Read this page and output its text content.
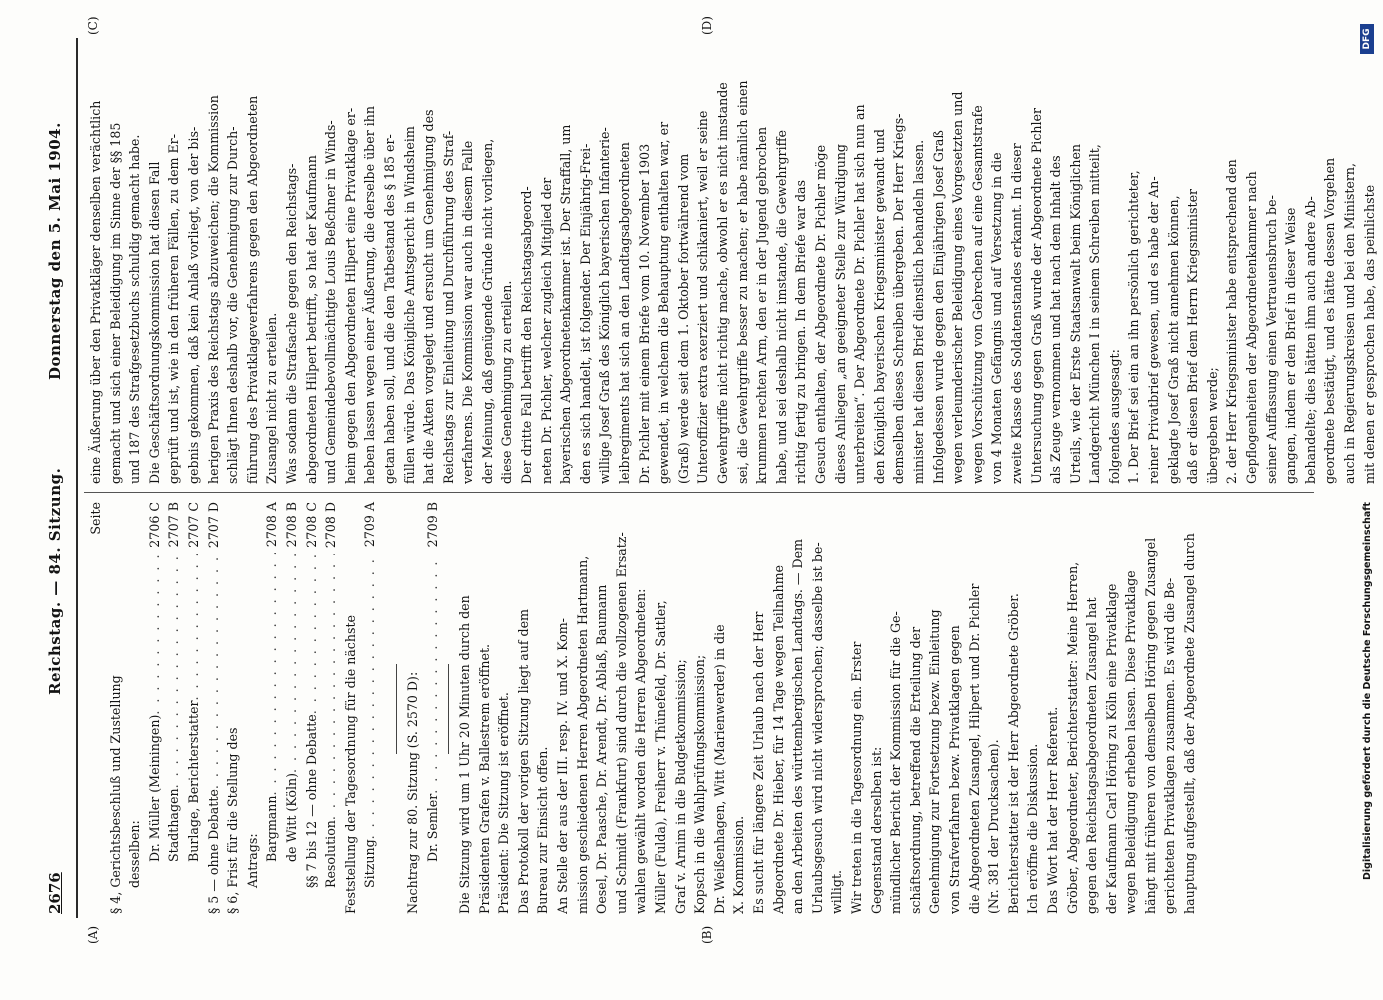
2676
Reichstag. — 84. Sitzung.
Donnerstag den 5. Mai 1904.
(A)	(B)
(C)	(D)
Seite
§ 4, Gerichtsbeschluß und Zustellung desselben: Dr. Müller (Meiningen)
. . .
2706 C
Stadthagen
. . .
2707 B
Burlage, Berichterstatter
. . .
2707 C
§ 5 — ohne Debatte
. . .
2707 D
§ 6, Frist für die Stellung des Antrags: Bargmann
. . .
2708 A
de Witt (Köln)
. . .
2708 B
§§ 7 bis 12 — ohne Debatte
. . .
2708 C
Resolution
. . .
2708 D
Feststellung der Tagesordnung für die nächste Sitzung
. . .
2709 A
Nachtrag zur 80. Sitzung (S. 2570 D): Dr. Semler
. . .
2709 B
Die Sitzung wird um 1 Uhr 20 Minuten durch den Präsidenten Grafen v. Ballestrem eröffnet. Präsident: Die Sitzung ist eröffnet. Das Protokoll der vorigen Sitzung liegt auf dem Bureau zur Einsicht offen. An Stelle der aus der III. resp. IV. und X. Kom- mission geschiedenen Herren Abgeordneten Hartmann, Oesel, Dr. Paasche, Dr. Arendt, Dr. Ablaß, Baumann und Schmidt (Frankfurt) sind durch die vollzogenen Ersatz- wahlen gewählt worden die Herren Abgeordneten: Müller (Fulda), Freiherr v. Thünefeld, Dr. Sattler, Graf v. Arnim in die Budgetkommission; Kopsch in die Wahlprüfungskommission; Dr. Weißenhagen, Witt (Marienwerder) in die X. Kommission. Es sucht für längere Zeit Urlaub nach der Herr Abgeordnete Dr. Hieber, für 14 Tage wegen Teilnahme an den Arbeiten des württembergischen Landtags. — Dem Urlaubsgesuch wird nicht widersprochen; dasselbe ist be- willigt. Wir treten in die Tagesordnung ein. Erster Gegenstand derselben ist: mündlicher Bericht der Kommission für die Ge- schäftsordnung, betreffend die Erteilung der Genehmigung zur Fortsetzung bezw. Einleitung von Strafverfahren bezw. Privatklagen gegen die Abgeordneten Zusangel, Hilpert und Dr. Pichler (Nr. 381 der Drucksachen). Berichterstatter ist der Herr Abgeordnete Gröber. Ich eröffne die Diskussion. Das Wort hat der Herr Referent. Gröber, Abgeordneter, Berichterstatter: Meine Herren, gegen den Reichstagsabgeordneten Zusangel hat der Kaufmann Carl Höring zu Köln eine Privatklage wegen Beleidigung erheben lassen. Diese Privatklage hängt mit früheren von demselben Höring gegen Zusangel gerichteten Privatklagen zusammen. Es wird die Be- hauptung aufgestellt, daß der Abgeordnete Zusangel durch
eine Äußerung über den Privatkläger denselben verächtlich gemacht und sich einer Beleidigung im Sinne der §§ 185 und 187 des Strafgesetzbuchs schuldig gemacht habe. Die Geschäftsordnungskommission hat diesen Fall geprüft und ist, wie in den früheren Fällen, zu dem Er- gebnis gekommen, daß kein Anlaß vorliegt, von der bis- herigen Praxis des Reichstags abzuweichen; die Kommission schlägt Ihnen deshalb vor, die Genehmigung zur Durch- führung des Privatklageverfahrens gegen den Abgeordneten Zusangel nicht zu erteilen. Was sodann die Strafsache gegen den Reichstags- abgeordneten Hilpert betrifft, so hat der Kaufmann und Gemeindebevollmächtigte Louis Beßchner in Winds- heim gegen den Abgeordneten Hilpert eine Privatklage er- heben lassen wegen einer Äußerung, die derselbe über ihn getan haben soll, und die den Tatbestand des § 185 er- füllen würde. Das Königliche Amtsgericht in Windsheim hat die Akten vorgelegt und ersucht um Genehmigung des Reichstags zur Einleitung und Durchführung des Straf- verfahrens. Die Kommission war auch in diesem Falle der Meinung, daß genügende Gründe nicht vorliegen, diese Genehmigung zu erteilen. Der dritte Fall betrifft den Reichstagsabgeord- neten Dr. Pichler, welcher zugleich Mitglied der bayerischen Abgeordnetenkammer ist. Der Straffall, um den es sich handelt, ist folgender. Der Einjährig-Frei- willige Josef Graß des Königlich bayerischen Infanterie- leibregiments hat sich an den Landtagsabgeordneten Dr. Pichler mit einem Briefe vom 10. November 1903 gewendet, in welchem die Behauptung enthalten war, er (Graß) werde seit dem 1. Oktober fortwährend vom Unteroffizier extra exerziert und schikaniert, weil er seine Gewehrgriffe nicht richtig mache, obwohl er es nicht imstande sei, die Gewehrgriffe besser zu machen; er habe nämlich einen krummen rechten Arm, den er in der Jugend gebrochen habe, und sei deshalb nicht imstande, die Gewehrgriffe richtig fertig zu bringen. In dem Briefe war das Gesuch enthalten, der Abgeordnete Dr. Pichler möge dieses Anliegen „an geeigneter Stelle zur Würdigung unterbreiten“. Der Abgeordnete Dr. Pichler hat sich nun an den Königlich bayerischen Kriegsminister gewandt und demselben dieses Schreiben übergeben. Der Herr Kriegs- minister hat diesen Brief dienstlich behandeln lassen. Infolgedessen wurde gegen den Einjährigen Josef Graß wegen verleumderischer Beleidigung eines Vorgesetzten und wegen Vorschützung von Gebrechen auf eine Gesamtstrafe von 4 Monaten Gefängnis und auf Versetzung in die zweite Klasse des Soldatenstandes erkannt. In dieser Untersuchung gegen Graß wurde der Abgeordnete Pichler als Zeuge vernommen und hat nach dem Inhalt des Urteils, wie der Erste Staatsanwalt beim Königlichen Landgericht München I in seinem Schreiben mitteilt, folgendes ausgesagt: 1. Der Brief sei ein an ihn persönlich gerichteter, reiner Privatbrief gewesen, und es habe der An- geklagte Josef Graß nicht annehmen können, daß er diesen Brief dem Herrn Kriegsminister übergeben werde; 2. der Herr Kriegsminister habe entsprechend den Gepflogenheiten der Abgeordnetenkammer nach seiner Auffassung einen Vertrauensbruch be- gangen, indem er den Brief in dieser Weise behandelte; dies hätten ihm auch andere Ab- geordnete bestätigt, und es hätte dessen Vorgehen auch in Regierungskreisen und bei den Ministern, mit denen er gesprochen habe, das peinlichste
Digitalisierung gefördert durch die Deutsche Forschungsgemeinschaft
DFG
